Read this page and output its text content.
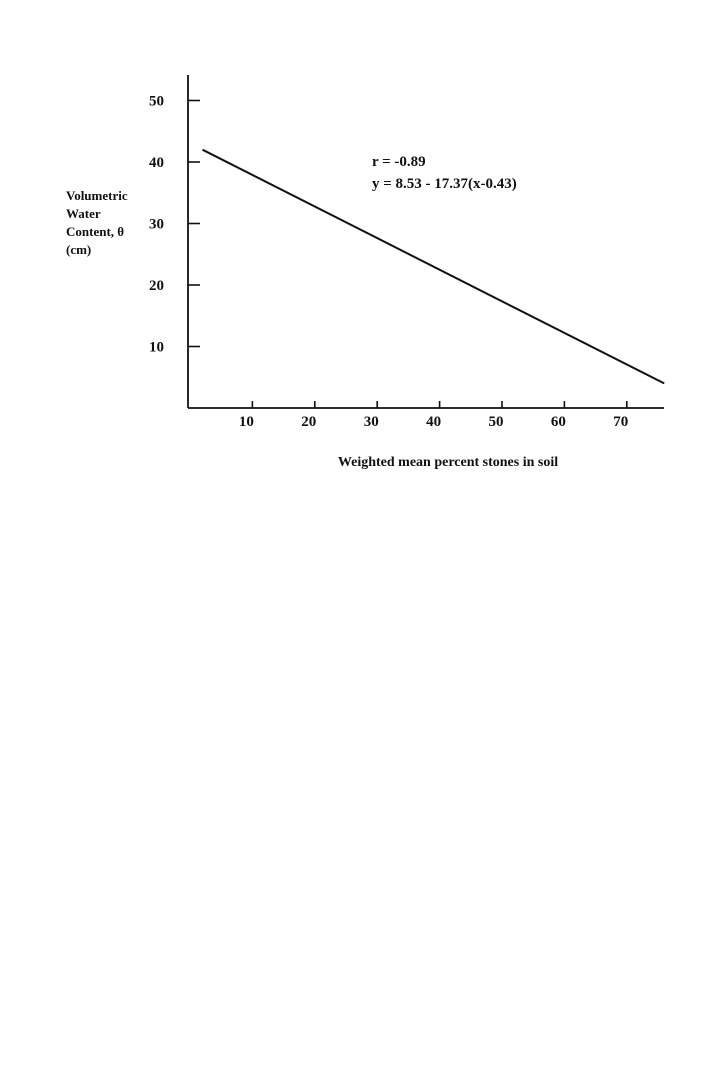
10	20	30	40	50	60	70
10
20
30
40
50
r = -0.89
y = 8.53 - 17.37(x-0.43)
Volumetric
Water
Content, θ
(cm)
Weighted mean percent stones in soil
